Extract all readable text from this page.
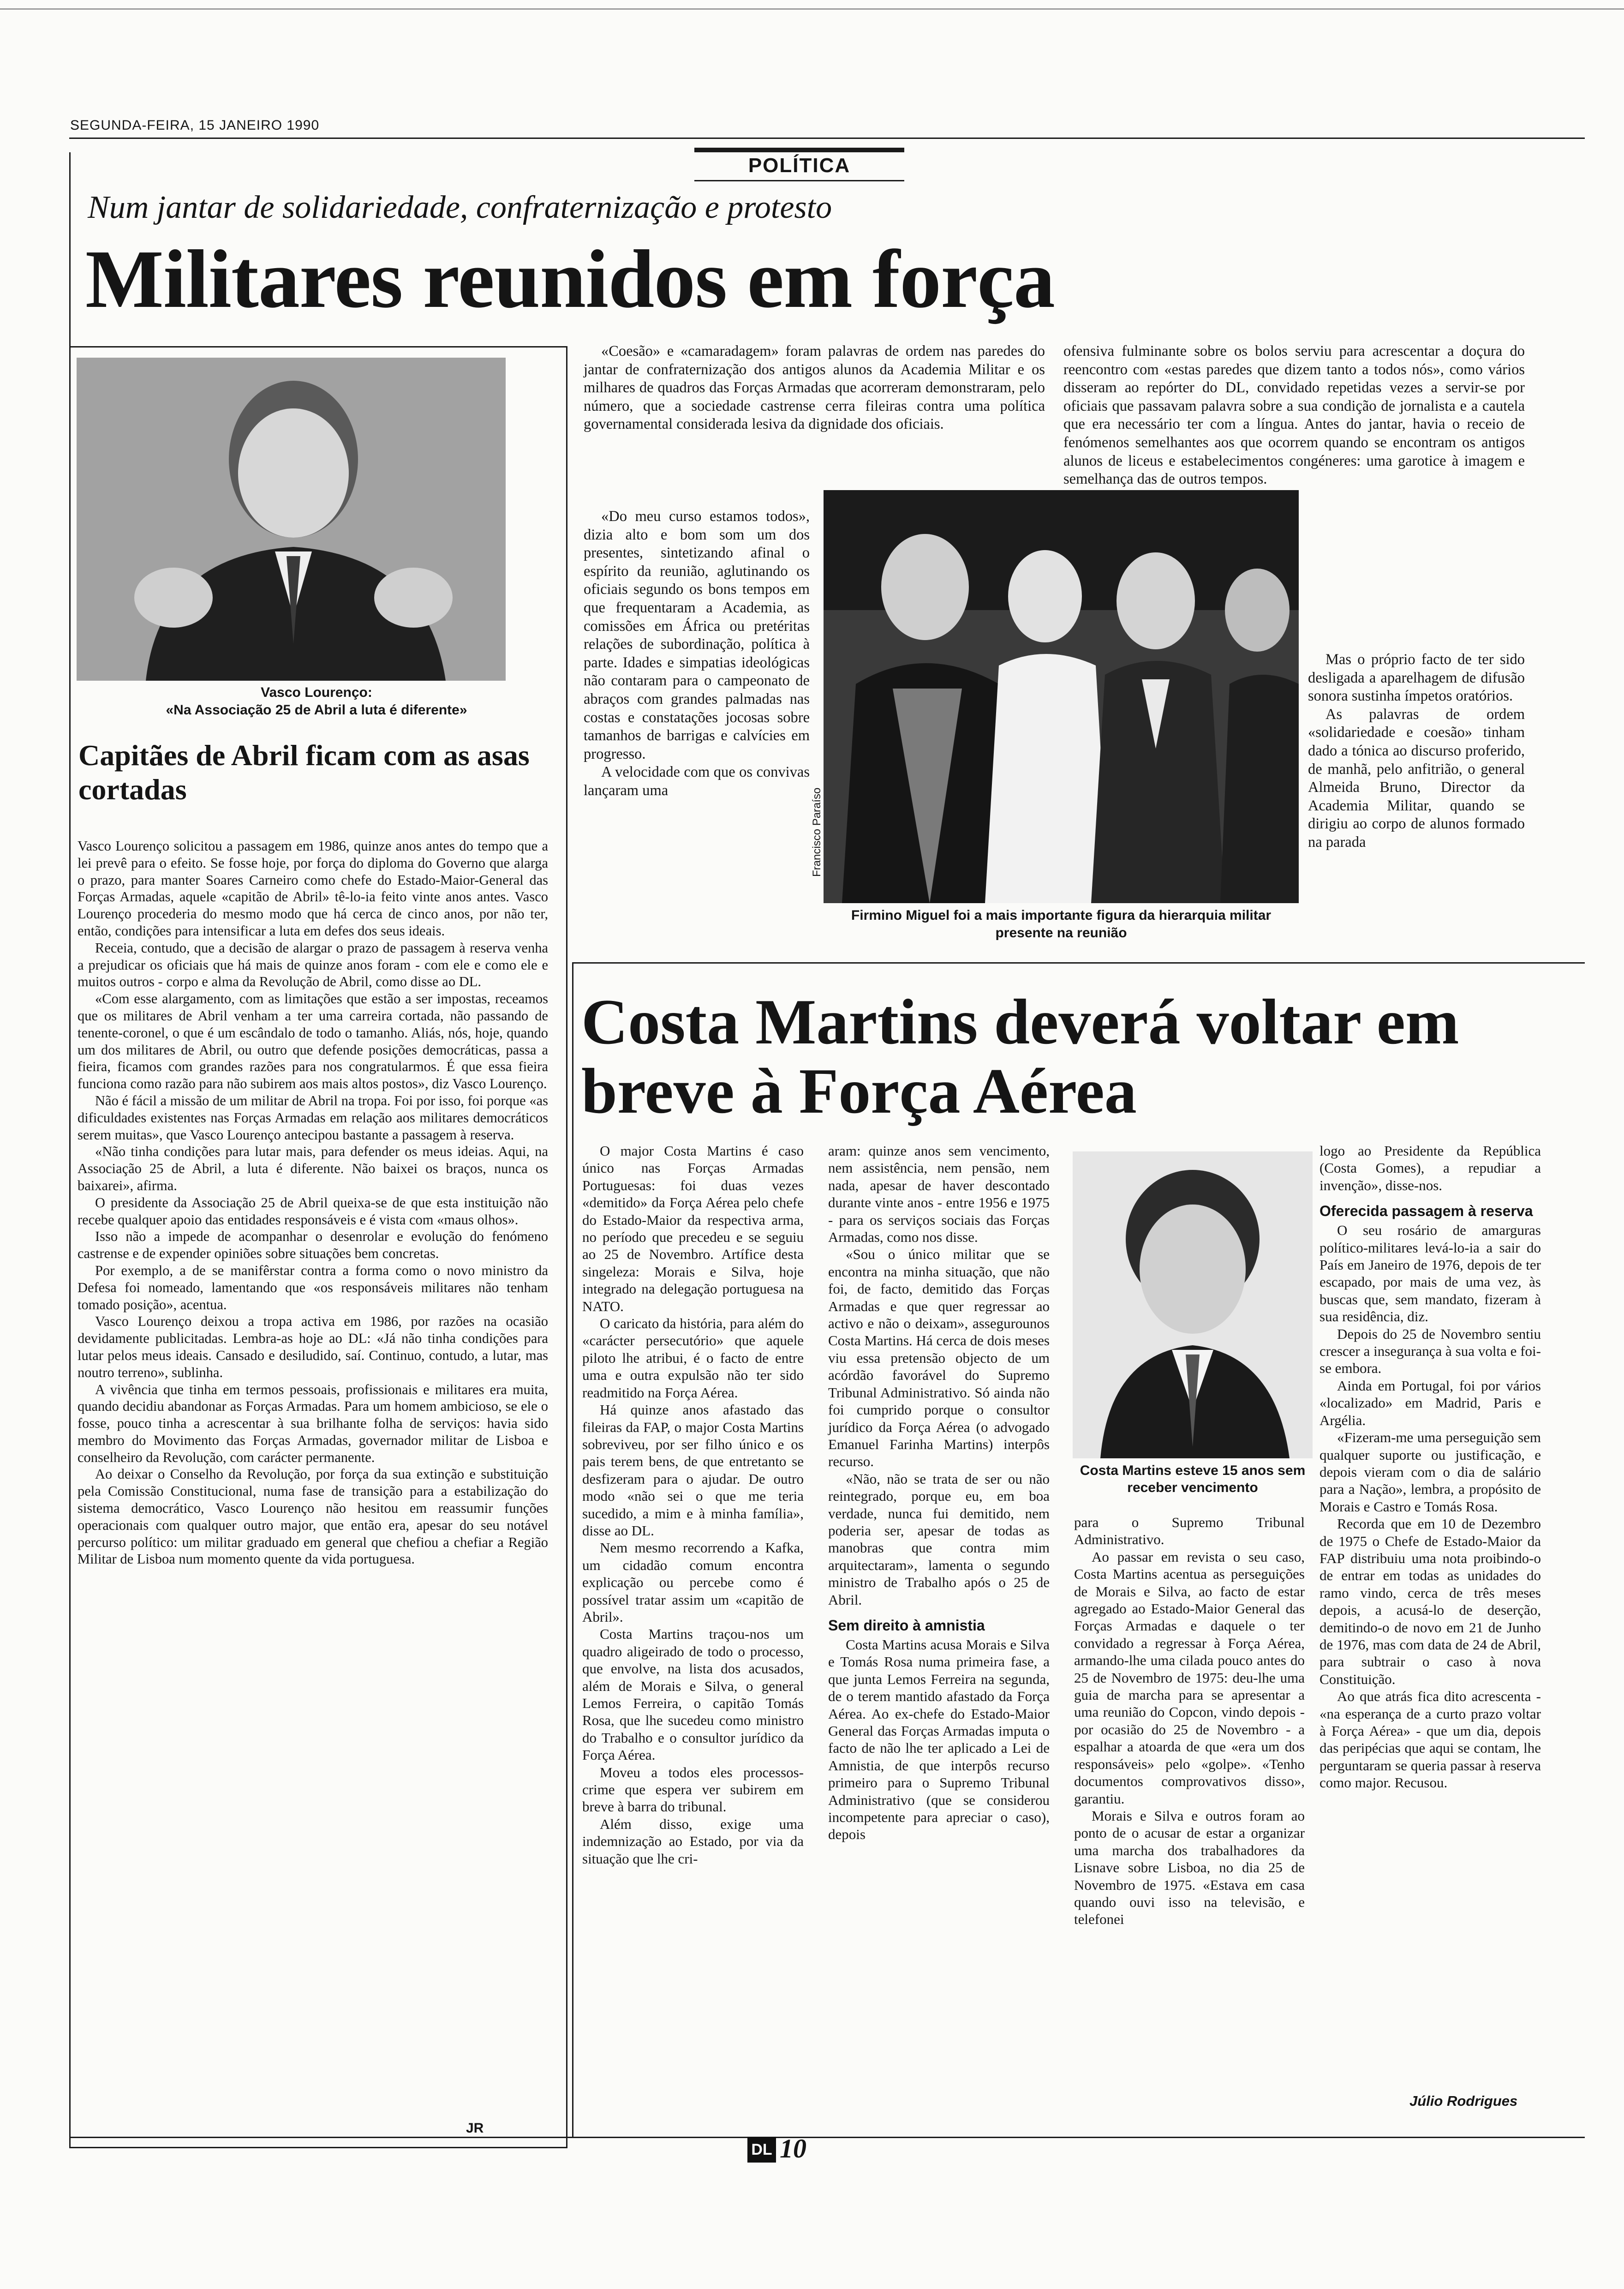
SEGUNDA-FEIRA, 15 JANEIRO 1990
POLÍTICA
Num jantar de solidariedade, confraternização e protesto
Militares reunidos em força
Vasco Lourenço:
«Na Associação 25 de Abril a luta é diferente»
Capitães de Abril ficam com as asas cortadas

Vasco Lourenço solicitou a passagem em 1986, quinze anos antes do tempo que a lei prevê para o efeito. Se fosse hoje, por força do diploma do Governo que alarga o prazo, para manter Soares Carneiro como chefe do Estado-Maior-General das Forças Armadas, aquele «capitão de Abril» tê-lo-ia feito vinte anos antes. Vasco Lourenço procederia do mesmo modo que há cerca de cinco anos, por não ter, então, condições para intensificar a luta em defes dos seus ideais.

Receia, contudo, que a decisão de alargar o prazo de passagem à reserva venha a prejudicar os oficiais que há mais de quinze anos foram - com ele e como ele e muitos outros - corpo e alma da Revolução de Abril, como disse ao DL.

«Com esse alargamento, com as limitações que estão a ser impostas, receamos que os militares de Abril venham a ter uma carreira cortada, não passando de tenente-coronel, o que é um escândalo de todo o tamanho. Aliás, nós, hoje, quando um dos militares de Abril, ou outro que defende posições democráticas, passa a fieira, ficamos com grandes razões para nos congratularmos. É que essa fieira funciona como razão para não subirem aos mais altos postos», diz Vasco Lourenço.

Não é fácil a missão de um militar de Abril na tropa. Foi por isso, foi porque «as dificuldades existentes nas Forças Armadas em relação aos militares democráticos serem muitas», que Vasco Lourenço antecipou bastante a passagem à reserva.

«Não tinha condições para lutar mais, para defender os meus ideias. Aqui, na Associação 25 de Abril, a luta é diferente. Não baixei os braços, nunca os baixarei», afirma.

O presidente da Associação 25 de Abril queixa-se de que esta instituição não recebe qualquer apoio das entidades responsáveis e é vista com «maus olhos».

Isso não a impede de acompanhar o desenrolar e evolução do fenómeno castrense e de expender opiniões sobre situações bem concretas.

Por exemplo, a de se manifêrstar contra a forma como o novo ministro da Defesa foi nomeado, lamentando que «os responsáveis militares não tenham tomado posição», acentua.

Vasco Lourenço deixou a tropa activa em 1986, por razões na ocasião devidamente publicitadas. Lembra-as hoje ao DL: «Já não tinha condições para lutar pelos meus ideais. Cansado e desiludido, saí. Continuo, contudo, a lutar, mas noutro terreno», sublinha.

A vivência que tinha em termos pessoais, profissionais e militares era muita, quando decidiu abandonar as Forças Armadas. Para um homem ambicioso, se ele o fosse, pouco tinha a acrescentar à sua brilhante folha de serviços: havia sido membro do Movimento das Forças Armadas, governador militar de Lisboa e conselheiro da Revolução, com carácter permanente.

Ao deixar o Conselho da Revolução, por força da sua extinção e substituição pela Comissão Constitucional, numa fase de transição para a estabilização do sistema democrático, Vasco Lourenço não hesitou em reassumir funções operacionais com qualquer outro major, que então era, apesar do seu notável percurso político: um militar graduado em general que chefiou a chefiar a Região Militar de Lisboa num momento quente da vida portuguesa.

JR

«Coesão» e «camaradagem» foram palavras de ordem nas paredes do jantar de confraternização dos antigos alunos da Academia Militar e os milhares de quadros das Forças Armadas que acorreram demonstraram, pelo número, que a sociedade castrense cerra fileiras contra uma política governamental considerada lesiva da dignidade dos oficiais.

«Do meu curso estamos todos», dizia alto e bom som um dos presentes, sintetizando afinal o espírito da reunião, aglutinando os oficiais segundo os bons tempos em que frequentaram a Academia, as comissões em África ou pretéritas relações de subordinação, política à parte. Idades e simpatias ideológicas não contaram para o campeonato de abraços com grandes palmadas nas costas e constatações jocosas sobre tamanhos de barrigas e calvícies em progresso.

A velocidade com que os convivas lançaram uma	Francisco Paraíso
Firmino Miguel foi a mais importante figura da hierarquia militar presente na reunião

ofensiva fulminante sobre os bolos serviu para acrescentar a doçura do reencontro com «estas paredes que dizem tanto a todos nós», como vários disseram ao repórter do DL, convidado repetidas vezes a servir-se por oficiais que passavam palavra sobre a sua condição de jornalista e a cautela que era necessário ter com a língua. Antes do jantar, havia o receio de fenómenos semelhantes aos que ocorrem quando se encontram os antigos alunos de liceus e estabelecimentos congéneres: uma garotice à imagem e semelhança das de outros tempos.

Mas o próprio facto de ter sido desligada a aparelhagem de difusão sonora sustinha ímpetos oratórios.

As palavras de ordem «solidariedade e coesão» tinham dado a tónica ao discurso proferido, de manhã, pelo anfitrião, o general Almeida Bruno, Director da Academia Militar, quando se dirigiu ao corpo de alunos formado na parada

Costa Martins deverá voltar em breve à Força Aérea

O major Costa Martins é caso único nas Forças Armadas Portuguesas: foi duas vezes «demitido» da Força Aérea pelo chefe do Estado-Maior da respectiva arma, no período que precedeu e se seguiu ao 25 de Novembro. Artífice desta singeleza: Morais e Silva, hoje integrado na delegação portuguesa na NATO.

O caricato da história, para além do «carácter persecutório» que aquele piloto lhe atribui, é o facto de entre uma e outra expulsão não ter sido readmitido na Força Aérea.

Há quinze anos afastado das fileiras da FAP, o major Costa Martins sobreviveu, por ser filho único e os pais terem bens, de que entretanto se desfizeram para o ajudar. De outro modo «não sei o que me teria sucedido, a mim e à minha família», disse ao DL.

Nem mesmo recorrendo a Kafka, um cidadão comum encontra explicação ou percebe como é possível tratar assim um «capitão de Abril».

Costa Martins traçou-nos um quadro aligeirado de todo o processo, que envolve, na lista dos acusados, além de Morais e Silva, o general Lemos Ferreira, o capitão Tomás Rosa, que lhe sucedeu como ministro do Trabalho e o consultor jurídico da Força Aérea.

Moveu a todos eles processos-crime que espera ver subirem em breve à barra do tribunal.

Além disso, exige uma indemnização ao Estado, por via da situação que lhe cri-

aram: quinze anos sem vencimento, nem assistência, nem pensão, nem nada, apesar de haver descontado durante vinte anos - entre 1956 e 1975 - para os serviços sociais das Forças Armadas, como nos disse.

«Sou o único militar que se encontra na minha situação, que não foi, de facto, demitido das Forças Armadas e que quer regressar ao activo e não o deixam», assegurounos Costa Martins. Há cerca de dois meses viu essa pretensão objecto de um acórdão favorável do Supremo Tribunal Administrativo. Só ainda não foi cumprido porque o consultor jurídico da Força Aérea (o advogado Emanuel Farinha Martins) interpôs recurso.

«Não, não se trata de ser ou não reintegrado, porque eu, em boa verdade, nunca fui demitido, nem poderia ser, apesar de todas as manobras que contra mim arquitectaram», lamenta o segundo ministro de Trabalho após o 25 de Abril.

Sem direito à amnistia

Costa Martins acusa Morais e Silva e Tomás Rosa numa primeira fase, a que junta Lemos Ferreira na segunda, de o terem mantido afastado da Força Aérea. Ao ex-chefe do Estado-Maior General das Forças Armadas imputa o facto de não lhe ter aplicado a Lei de Amnistia, de que interpôs recurso primeiro para o Supremo Tribunal Administrativo (que se considerou incompetente para apreciar o caso), depois

Costa Martins esteve 15 anos sem receber vencimento

para o Supremo Tribunal Administrativo.

Ao passar em revista o seu caso, Costa Martins acentua as perseguições de Morais e Silva, ao facto de estar agregado ao Estado-Maior General das Forças Armadas e daquele o ter convidado a regressar à Força Aérea, armando-lhe uma cilada pouco antes do 25 de Novembro de 1975: deu-lhe uma guia de marcha para se apresentar a uma reunião do Copcon, vindo depois - por ocasião do 25 de Novembro - a espalhar a atoarda de que «era um dos responsáveis» pelo «golpe». «Tenho documentos comprovativos disso», garantiu.

Morais e Silva e outros foram ao ponto de o acusar de estar a organizar uma marcha dos trabalhadores da Lisnave sobre Lisboa, no dia 25 de Novembro de 1975. «Estava em casa quando ouvi isso na televisão, e telefonei

logo ao Presidente da República (Costa Gomes), a repudiar a invenção», disse-nos.

Oferecida passagem à reserva

O seu rosário de amarguras político-militares levá-lo-ia a sair do País em Janeiro de 1976, depois de ter escapado, por mais de uma vez, às buscas que, sem mandato, fizeram à sua residência, diz.

Depois do 25 de Novembro sentiu crescer a insegurança à sua volta e foi-se embora.

Ainda em Portugal, foi por vários «localizado» em Madrid, Paris e Argélia.

«Fizeram-me uma perseguição sem qualquer suporte ou justificação, e depois vieram com o dia de salário para a Nação», lembra, a propósito de Morais e Castro e Tomás Rosa.

Recorda que em 10 de Dezembro de 1975 o Chefe de Estado-Maior da FAP distribuiu uma nota proibindo-o de entrar em todas as unidades do ramo vindo, cerca de três meses depois, a acusá-lo de deserção, demitindo-o de novo em 21 de Junho de 1976, mas com data de 24 de Abril, para subtrair o caso à nova Constituição.

Ao que atrás fica dito acrescenta - «na esperança de a curto prazo voltar à Força Aérea» - que um dia, depois das peripécias que aqui se contam, lhe perguntaram se queria passar à reserva como major. Recusou.

Júlio Rodrigues
DL 10
